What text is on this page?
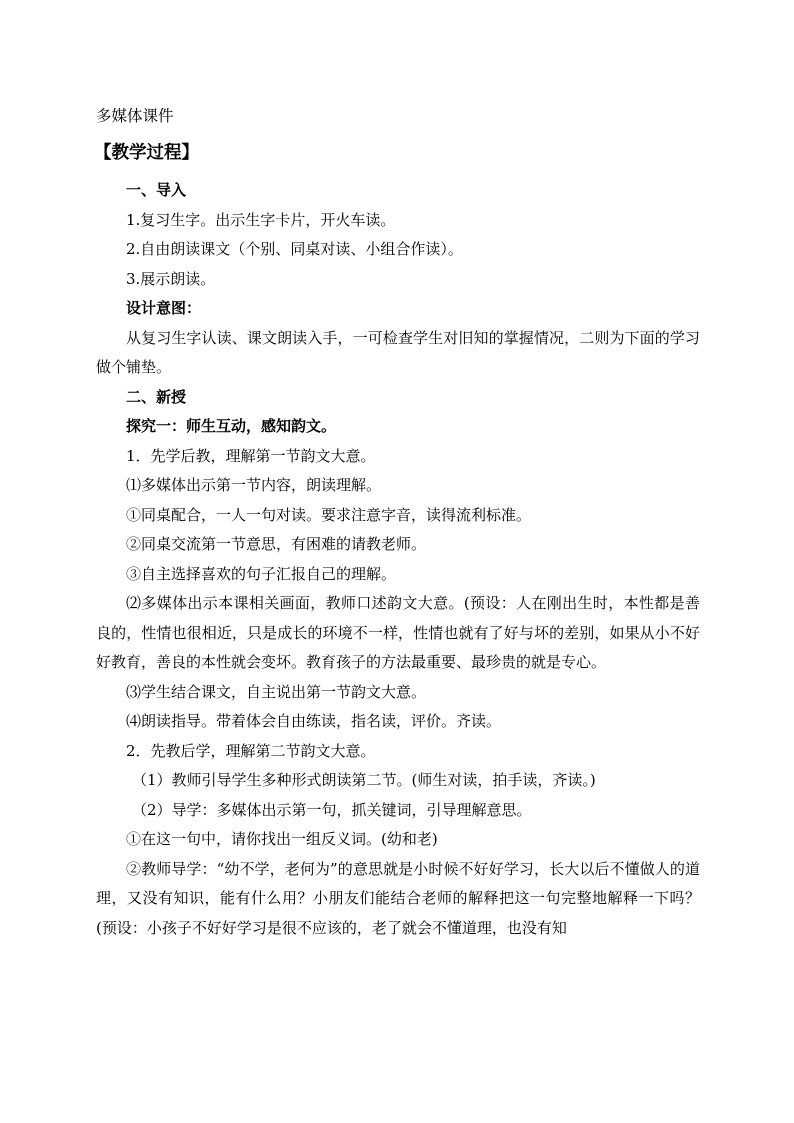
多媒体课件

【教学过程】

一、导入

1.复习生字。出示生字卡片，开火车读。

2.自由朗读课文（个别、同桌对读、小组合作读）。

3.展示朗读。

设计意图：

从复习生字认读、课文朗读入手，一可检查学生对旧知的掌握情况，二则为下面的学习做个铺垫。

二、新授

探究一：师生互动，感知韵文。

1．先学后教，理解第一节韵文大意。

⑴多媒体出示第一节内容，朗读理解。

①同桌配合，一人一句对读。要求注意字音，读得流利标准。

②同桌交流第一节意思，有困难的请教老师。

③自主选择喜欢的句子汇报自己的理解。

⑵多媒体出示本课相关画面，教师口述韵文大意。(预设：人在刚出生时，本性都是善良的，性情也很相近，只是成长的环境不一样，性情也就有了好与坏的差别，如果从小不好好教育，善良的本性就会变坏。教育孩子的方法最重要、最珍贵的就是专心。

⑶学生结合课文，自主说出第一节韵文大意。

⑷朗读指导。带着体会自由练读，指名读，评价。齐读。

2．先教后学，理解第二节韵文大意。

（1）教师引导学生多种形式朗读第二节。(师生对读，拍手读，齐读。)

（2）导学：多媒体出示第一句，抓关键词，引导理解意思。

①在这一句中，请你找出一组反义词。(幼和老)

②教师导学：“幼不学，老何为”的意思就是小时候不好好学习，长大以后不懂做人的道理，又没有知识，能有什么用？小朋友们能结合老师的解释把这一句完整地解释一下吗？(预设：小孩子不好好学习是很不应该的，老了就会不懂道理，也没有知
